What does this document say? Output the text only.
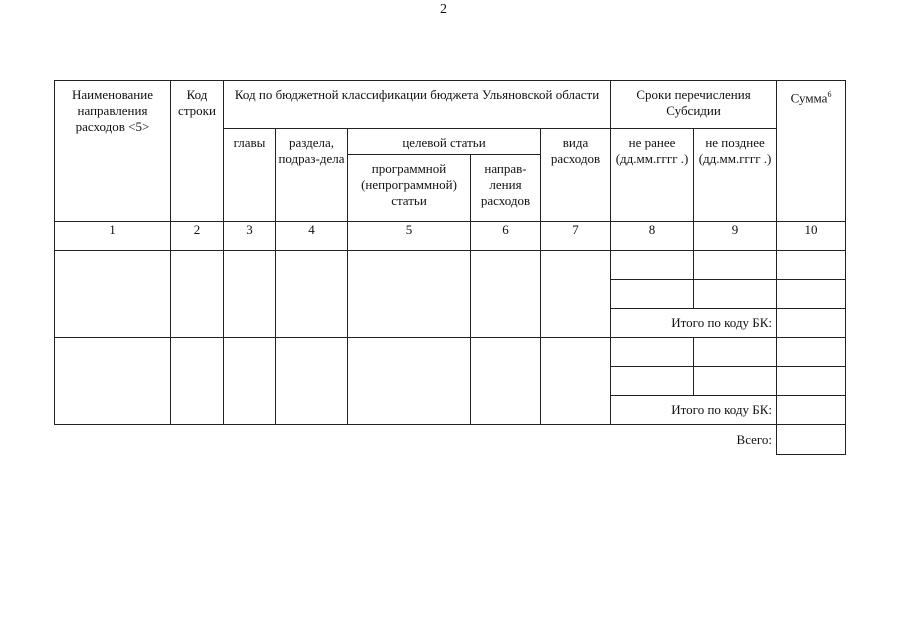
2
Наименование направления расходов <5>	Код строки	Код по бюджетной классификации бюджета Ульяновской области					Сроки перечисления Субсидии		Сумма$^6$
		главы	раздела, подраз-дела	целевой статьи		вида расходов	не ранее (дд.мм.гггг .)	не позднее (дд.мм.гггг .)	
				программной (непрограммной) статьи	направ-ления расходов				
1	2	3	4	5	6	7	8	9	10

							Итого по коду БК:		

							Итого по коду БК:		
Всего:									
